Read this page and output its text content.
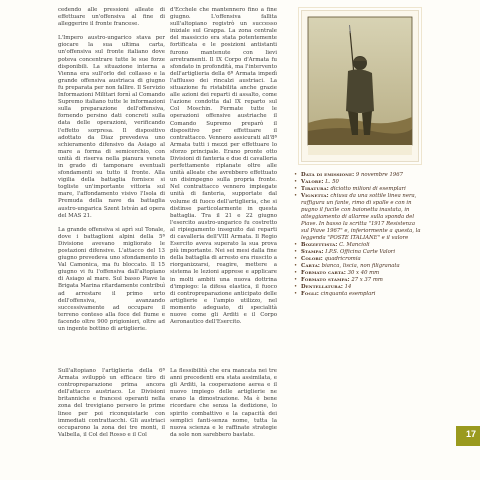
cedendo alle pressioni alleate di effettuare un'offensiva al fine di alleggerire il fronte francese.

L'Impero austro-ungarico stava per giocare la sua ultima carta, un'offensiva sul fronte italiano dove poteva concentrare tutte le sue forze disponibili. La situazione interna a Vienna era sull'orlo del collasso e la grande offensiva austriaca di giugno fu preparata per non fallire. Il Servizio Informazioni Militari fornì al Comando Supremo italiano tutte le informazioni sulla preparazione dell'offensiva, fornendo persino dati concreti sulla data delle operazioni, verificando l'effetto sorpresa. Il dispositivo adottato da Diaz prevedeva uno schieramento difensivo da Asiago al mare a forma di semicerchio, con unità di riserva nella pianura veneta in grado di tamponare eventuali sfondamenti su tutto il fronte. Alla vigilia della battaglia fornisce si togliste un'importante vittoria sul mare, l'affondamento visivo l'Isola di Premuda della nave da battaglia austro-ungarica Szent István ad opera del MAS 21.

La grande offensiva si aprì sul Tonale, dove i battaglioni alpini della 5ª Divisione avevano migliorato le postazioni difensive. L'attacco del 13 giugno prevedeva uno sfondamento in Val Camonica, ma fu bloccato. Il 15 giugno vi fu l'offensiva dall'altopiano di Asiago al mare. Sul basso Piave la Brigata Marina ritardamente contribuì ad arrestare il primo urto dell'offensiva, avanzando successivamente ad occupare il terreno conteso alla foce del fiume e facendo oltre 900 prigionieri, oltre ad un ingente bottino di artiglierie.

d'Ecchele che mantennero fino a fine giugno. L'offensiva fallita sull'altopiano registrò un successo iniziale sul Grappa. La zona centrale del massiccio era stata potentemente fortificata e le posizioni antistanti furono mantenute con lievi arretramenti. Il IX Corpo d'Armata fu sfondato in profondità, ma l'intervento dell'artiglieria della 6ª Armata impedì l'afflusso dei rincalzi austriaci. La situazione fu ristabilita anche grazie alle azioni dei reparti di assalto, come l'azione condotta dal IX reparto sul Col Moschin. Fermate tutte le operazioni offensive austriache il Comando Supremo preparò il dispositivo per effettuare il contrattacco. Vennero assicurati all'8ª Armata tutti i mezzi per effettuare lo sforzo principale. Erano pronte otto Divisioni di fanteria e due di cavalleria perfettamente riplanate oltre alle unità alleate che avrebbero effettuato un disimpegno sulla propria fronte. Nel contrattacco vennero impiegate unità di fanteria, supportate dal volume di fuoco dell'artiglieria, che si distinse particolarmente in questa battaglia. Tra il 21 e 22 giugno l'esercito austro-ungarico fu costretto al ripiegamento inseguito dai reparti di cavalleria dell'VIII Armata. Il Regio Esercito aveva superato la sua prova più importante. Nei sei mesi dalla fine della battaglia di arresto era riuscito a riorganizzarsi, reagire, mettere a sistema le lezioni apprese e applicare in molti ambiti una nuova dottrina d'impiego: la difesa elastica, il fuoco di contropreparazione anticipato delle artiglierie e l'ampio utilizzo, nel momento adeguato, di specialità nuove come gli Arditi e il Corpo Aeronautico dell'Esercito.

Sull'altopiano l'artiglieria della 6ª Armata sviluppò un efficace tiro di contropreparazione prima ancora dell'attacco austriaco. Le Divisioni britanniche e francesi operanti nella zona del trevigiano persero le prime linee per poi riconquistarle con immediati contrattacchi. Gli austriaci occuparono la zona dei tre monti, il Valbella, il Col del Rosso e il Col

La flessibilità che era mancata nei tre anni precedenti era stata assimilata, e gli Arditi, la cooperazione aerea e il nuovo impiego delle artiglierie ne erano la dimostrazione. Ma è bene ricordare che senza la dedizione, lo spirito combattivo e la capacità dei semplici fanti-senza nome, tutta la nuova scienza e le raffinate strategie da sole non sarebbero bastate.

• Data di emissione: 9 novembre 1967
• Valore: L. 50
• Tiratura: diciotto milioni di esemplari
• Vignetta: chiusa da una sottile linea nera, raffigura un fante, rimo di spalle e con in pugno il fucile con baionetta inastata, in atteggiamento di allarme sulla sponda del Piave. In basso la scritta "1917 Resistenza sul Piave 1967" e, inferiormente a questa, la leggenda "POSTE ITALIANE" e il valore
• Bozzettista: C. Mancioli
• Stampa: I.P.S. Officina Carte Valori
• Colori: quadricromia
• Carta: bianca, liscia, non filigranata
• Formato carta: 30 x 40 mm
• Formato stampa: 27 x 37 mm
• Dentellatura: 14
• Fogli: cinquanta esemplari
17
